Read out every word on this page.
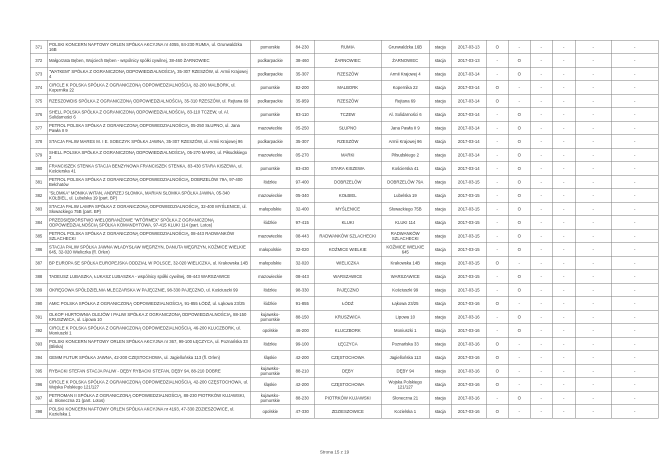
371	POLSKI KONCERN NAFTOWY ORLEN SPÓŁKA AKCYJNA nr 4055, 84-230 RUMIA, ul. Grunwaldzka 16B	pomorskie	84-230	RUMIA	Grunwaldzka 16B	stacja	2017-03-13	O	-	-	-	-	-
372	Małgorzata Bęben, Wojciech Bęben - wspólnicy spółki cywilnej, 38-460 ŻARNOWIEC	podkarpackie	38-460	ŻARNOWIEC	ŻARNOWIEC	stacja	2017-03-13	-	O	-	-	-	-
373	"WATKEM" SPÓŁKA Z OGRANICZONĄ ODPOWIEDZIALNOŚCIĄ, 35-307 RZESZÓW, ul. Armii Krajowej 4	podkarpackie	35-307	RZESZÓW	Armii Krajowej 4	stacja	2017-03-14	-	O	-	-	-	-
374	CIRCLE K POLSKA SPÓŁKA Z OGRANICZONĄ ODPOWIEDZIALNOŚCIĄ, 82-200 MALBORK, ul. Kopernika 22	pomorskie	82-200	MALBORK	Kopernika 22	stacja	2017-03-14	O	-	-	-	-	-
375	RZESZOWDIS SPÓŁKA Z OGRANICZONĄ ODPOWIEDZIALNOŚCIĄ, 35-310 RZESZÓW, ul. Rejtana 69	podkarpackie	35-959	RZESZÓW	Rejtana 69	stacja	2017-03-14	O	-	-	-	-	-
376	SHELL POLSKA SPÓŁKA Z OGRANICZONĄ ODPOWIEDZIALNOŚCIĄ, 83-110 TCZEW, ul. Al. Solidarności 6	pomorskie	83-110	TCZEW	Al. Solidarności 6	stacja	2017-03-14	-	O	-	-	-	-
377	PETROL POLSKA SPÓŁKA Z OGRANICZONĄ ODPOWIEDZIALNOŚCIĄ, 05-250 SŁUPNO, ul. Jana Pawła II 9	mazowieckie	05-250	SŁUPNO	Jana Pawła II 9	stacja	2017-03-14	-	O	-	-	-	-
378	STACJA PALIW MARES M. I E. SOBCZYK SPÓŁKA JAWNA, 35-307 RZESZÓW, ul. Armii Krajowej 96	podkarpackie	35-307	RZESZÓW	Armii Krajowej 96	stacja	2017-03-14	-	O	-	-	-	-
379	SHELL POLSKA SPÓŁKA Z OGRANICZONĄ ODPOWIEDZIALNOŚCIĄ, 05-270 MARKI, ul. Piłsudskiego 2	mazowieckie	05-270	MARKI	Piłsudskiego 2	stacja	2017-03-14	-	O	-	-	-	-
380	FRANCISZEK STENKA STACJA BENZYNOWA FRANCISZEK STENKA, 83-430 STARA KISZEWA, ul. Kościerska 41	pomorskie	83-430	STARA KISZEWA	Kościerska 41	stacja	2017-03-14	-	O	-	-	-	-
381	PETROL POLSKA SPÓŁKA Z OGRANICZONĄ ODPOWIEDZIALNOŚCIĄ, DOBRZELÓW 79A, 97-400 Bełchatów	łódzkie	97-400	DOBRZELÓW	DOBRZELÓW 79A	stacja	2017-03-15	-	O	-	-	-	-
382	"SŁOMKA" MONIKA WITAN, ANDRZEJ SŁOMKA, MARIAN SŁOMKA SPÓŁKA JAWNA, 05-340 KOŁBIEL, ul. Lubelska 19 (part. BP)	mazowieckie	05-340	KOŁBIEL	Lubelska 19	stacja	2017-03-15	-	O	-	-	-	-
383	STACJA PALIW LAMPA SPÓŁKA Z OGRANICZONĄ ODPOWIEDZIALNOŚCIĄ, 32-400 MYŚLENICE, ul. Słowackiego 75B (part. BP)	małopolskie	32-400	MYŚLENICE	Słowackiego 75B	stacja	2017-03-15	-	O	-	-	-	-
384	PRZEDSIĘBIORSTWO WIELOBRANŻOWE "WTÓRMEX" SPÓŁKA Z OGRANICZONĄ ODPOWIEDZIALNOŚCIĄ SPÓŁKA KOMANDYTOWA, 97-415 KLUKI 114 (part. Lotos)	łódzkie	97-415	KLUKI	KLUKI 114	stacja	2017-03-15	-	O	-	-	-	-
385	PETROL POLSKA SPÓŁKA Z OGRANICZONĄ ODPOWIEDZIALNOŚCIĄ, 08-443 RADWANKÓW SZLACHECKI	mazowieckie	08-443	RADWANKÓW SZLACHECKI	RADWANKÓW SZLACHECKI	stacja	2017-03-15	-	O	-	-	-	-
386	STACJA PALIW SPÓŁKA JAWNA WŁADYSŁAW WĘGRZYN, DANUTA WĘGRZYN, KOŹMICE WIELKIE 645, 32-020 Wieliczka (fl. Orlen)	małopolskie	32-020	KOŹMICE WIELKIE	KOŹMICE WIELKIE 645	stacja	2017-03-15	-	O	-	-	-	-
387	BP EUROPA SE SPÓŁKA EUROPEJSKA ODDZIAŁ W POLSCE, 32-020 WIELICZKA, ul. Krakowska 14B	małopolskie	32-020	WIELICZKA	Krakowska 14B	stacja	2017-03-15	O	-	-	-	-	-
388	TADEUSZ LUBASZKA, ŁUKASZ LUBASZKA - wspólnicy spółki cywilnej, 08-443 WARSZAWICE	mazowieckie	08-443	WARSZAWICE	WARSZAWICE	stacja	2017-03-15	-	O	-	-	-	-
389	OKRĘGOWA SPÓŁDZIELNIA MLECZARSKA W PAJĘCZNIE, 98-330 PAJĘCZNO, ul. Kościuszki 99	łódzkie	98-330	PAJĘCZNO	Kościuszki 99	stacja	2017-03-15	-	O	-	-	-	-
390	AMIC POLSKA SPÓŁKA Z OGRANICZONĄ ODPOWIEDZIALNOŚCIĄ, 91-855 ŁÓDŹ, ul. Łąkowa 23/25	łódzkie	91-855	ŁÓDŹ	Łąkowa 23/25	stacja	2017-03-16	O	-	-	-	-	-
391	OLKOP HURTOWNIA OLEJÓW I PALIW SPÓŁKA Z OGRANICZONĄ ODPOWIEDZIALNOŚCIĄ, 88-150 KRUSZWICA, ul. Lipowa 10	kujawsko-pomorskie	88-150	KRUSZWICA	Lipowa 10	stacja	2017-03-16	-	O	-	-	-	-
392	CIRCLE K POLSKA SPÓŁKA Z OGRANICZONĄ ODPOWIEDZIALNOŚCIĄ, 46-200 KLUCZBORK, ul. Moniuszki 1	opolskie	46-200	KLUCZBORK	Moniuszki 1	stacja	2017-03-16	-	O	-	-	-	-
393	POLSKI KONCERN NAFTOWY ORLEN SPÓŁKA AKCYJNA nr 367, 99-100 ŁĘCZYCA, ul. Poznańska 33 (Bliska)	łódzkie	99-100	ŁĘCZYCA	Poznańska 33	stacja	2017-03-16	O	-	-	-	-	-
394	GEMM FUTUR SPÓŁKA JAWNA, 42-200 CZĘSTOCHOWA, ul. Jagiellońska 113 (fl. Orlen)	śląskie	42-200	CZĘSTOCHOWA	Jagiellońska 113	stacja	2017-03-16	O	-	-	-	-	-
395	RYBACKI STEFAN STACJA PALIW - DĘBY RYBACKI STEFAN, DĘBY 94, 88-210 DOBRE	kujawsko-pomorskie	88-210	DĘBY	DĘBY 94	stacja	2017-03-16	O	-	-	-	-	-
396	CIRCLE K POLSKA SPÓŁKA Z OGRANICZONĄ ODPOWIEDZIALNOŚCIĄ, 42-200 CZĘSTOCHOWA, ul. Wojska Polskiego 121/127	śląskie	42-200	CZĘSTOCHOWA	Wojska Polskiego 121/127	stacja	2017-03-16	O	-	-	-	-	-
397	PETROMAN II SPÓŁKA Z OGRANICZONĄ ODPOWIEDZIALNOŚCIĄ, 88-230 PIOTRKÓW KUJAWSKI, ul. Słoneczna 21 (part. Lotos)	kujawsko-pomorskie	88-230	PIOTRKÓW KUJAWSKI	Słoneczna 21	stacja	2017-03-16	-	O	-	-	-	-
398	POLSKI KONCERN NAFTOWY ORLEN SPÓŁKA AKCYJNA nr 4193, 47-330 ZDZIESZOWICE, ul. Kozielska 1	opolskie	47-330	ZDZIESZOWICE	Kozielska 1	stacja	2017-03-16	O	-	-	-	-	-
Strona 15 z 19
